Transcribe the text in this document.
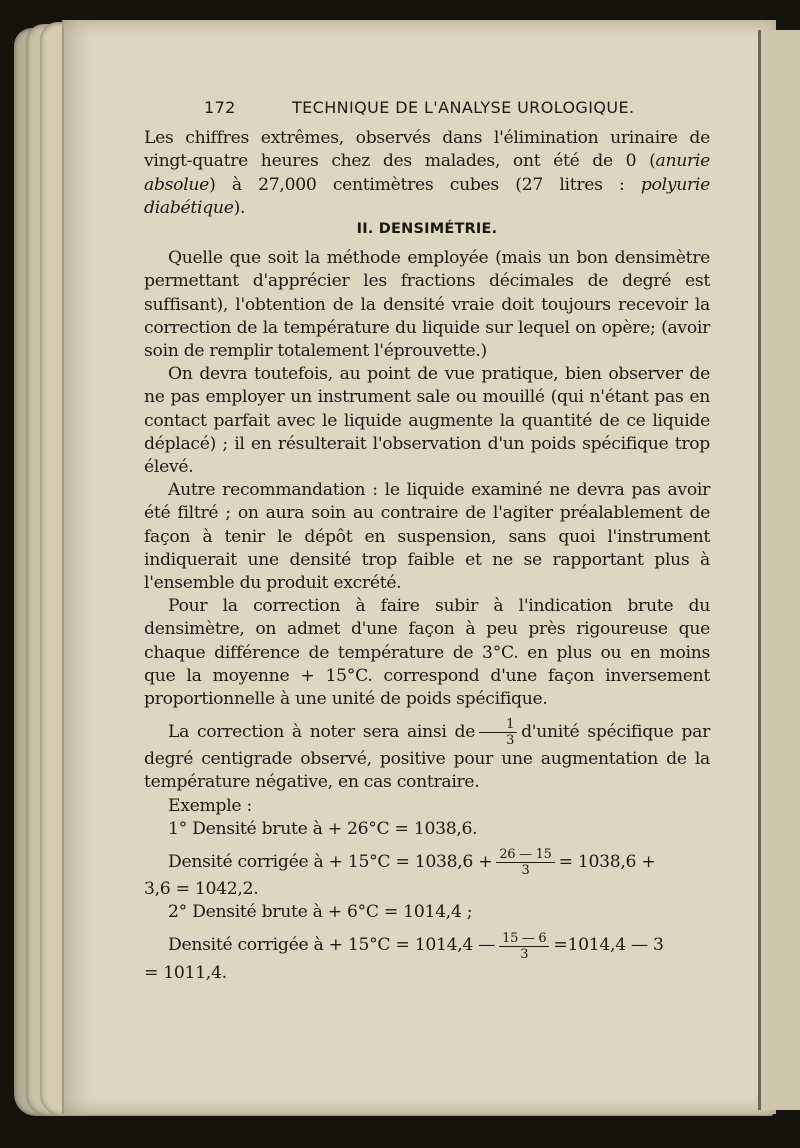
172	TECHNIQUE DE L'ANALYSE UROLOGIQUE.

Les chiffres extrêmes, observés dans l'élimination urinaire de vingt-quatre heures chez des malades, ont été de 0 (anurie absolue) à 27,000 centimètres cubes (27 litres : polyurie diabétique).

II. DENSIMÉTRIE.

Quelle que soit la méthode employée (mais un bon densimètre permettant d'apprécier les fractions décimales de degré est suffisant), l'obtention de la densité vraie doit toujours recevoir la correction de la température du liquide sur lequel on opère; (avoir soin de remplir totalement l'éprouvette.)

On devra toutefois, au point de vue pratique, bien observer de ne pas employer un instrument sale ou mouillé (qui n'étant pas en contact parfait avec le liquide augmente la quantité de ce liquide déplacé) ; il en résulterait l'observation d'un poids spécifique trop élevé.

Autre recommandation : le liquide examiné ne devra pas avoir été filtré ; on aura soin au contraire de l'agiter préalablement de façon à tenir le dépôt en suspension, sans quoi l'instrument indiquerait une densité trop faible et ne se rapportant plus à l'ensemble du produit excrété.

Pour la correction à faire subir à l'indication brute du densimètre, on admet d'une façon à peu près rigoureuse que chaque différence de température de 3°C. en plus ou en moins que la moyenne + 15°C. correspond d'une façon inversement proportionnelle à une unité de poids spécifique.

La correction à noter sera ainsi de $\frac{1}{3}$ d'unité spécifique par degré centigrade observé, positive pour une augmentation de la température négative, en cas contraire.

Exemple :
1° Densité brute à + 26°C = 1038,6.
Densité corrigée à + $15^\circ C = 1038,6 + \frac{26 — 15}{3} = 1038,6$ +
3,6 = 1042,2.
2° Densité brute à + 6°C = 1014,4 ;
Densité corrigée à + 15°C = 1014,4 — $\frac{15 — 6}{3} =1014,4$ — 3
= 1011,4.
